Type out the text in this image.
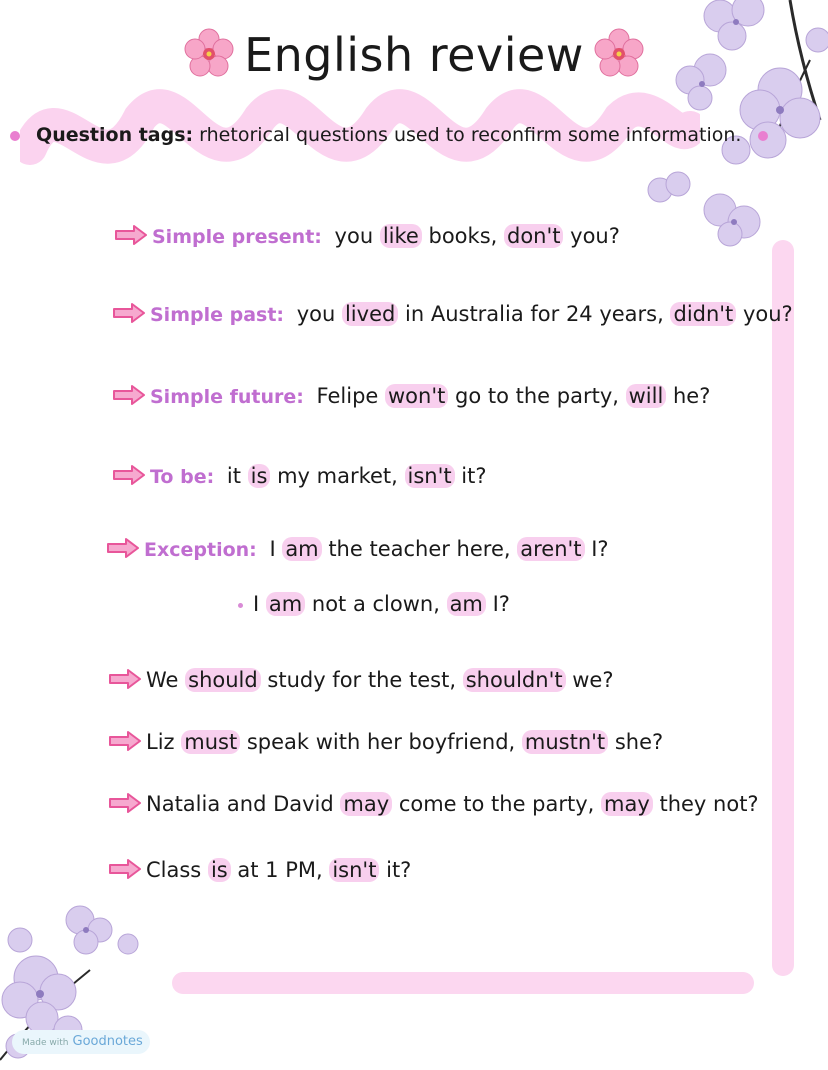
English review
Question tags: rhetorical questions used to reconfirm some information.
Simple present: you like books, don't you?
Simple past: you lived in Australia for 24 years, didn't you?
Simple future: Felipe won't go to the party, will he?
To be: it is my market, isn't it?
Exception: I am the teacher here, aren't I?
I am not a clown, am I?
We should study for the test, shouldn't we?
Liz must speak with her boyfriend, mustn't she?
Natalia and David may come to the party, may they not?
Class is at 1 PM, isn't it?
Made with Goodnotes
